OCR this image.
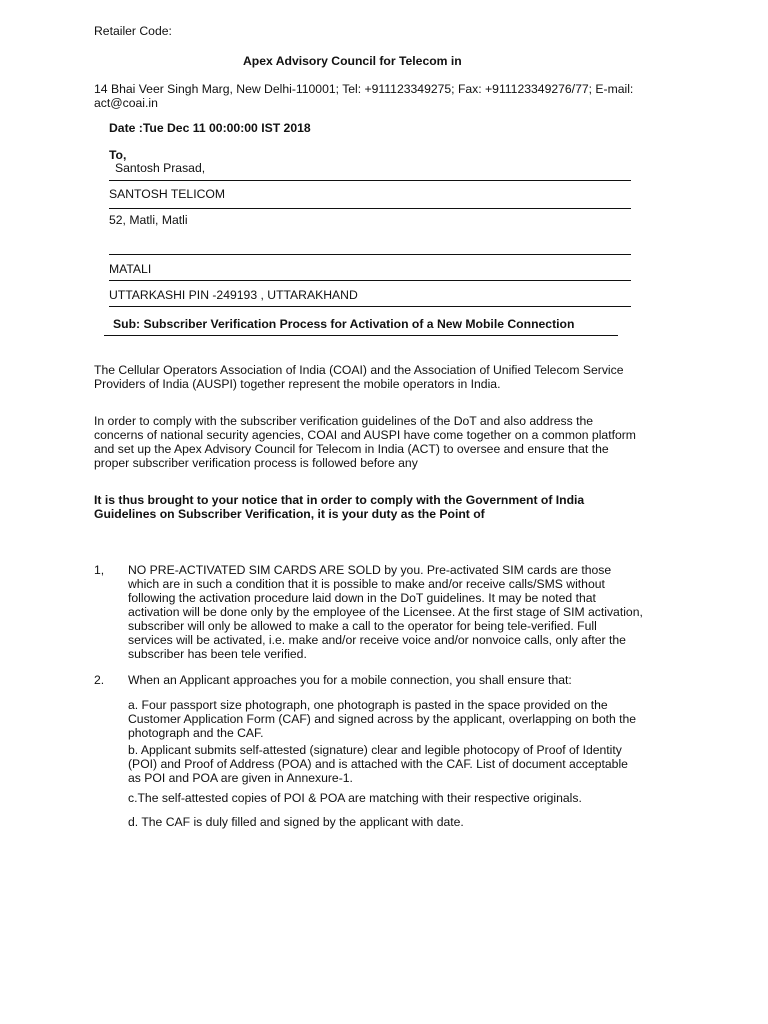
Retailer Code:
Apex Advisory Council for Telecom in
14 Bhai Veer Singh Marg, New Delhi-110001; Tel: +911123349275; Fax: +911123349276/77; E-mail:
act@coai.in
Date :Tue Dec 11 00:00:00 IST 2018
To,
Santosh Prasad,
SANTOSH TELICOM
52, Matli, Matli
MATALI
UTTARKASHI PIN -249193 , UTTARAKHAND
Sub: Subscriber Verification Process for Activation of a New Mobile Connection
The Cellular Operators Association of India (COAI) and the Association of Unified Telecom Service
Providers of India (AUSPI) together represent the mobile operators in India.
In order to comply with the subscriber verification guidelines of the DoT and also address the
concerns of national security agencies, COAI and AUSPI have come together on a common platform
and set up the Apex Advisory Council for Telecom in India (ACT) to oversee and ensure that the
proper subscriber verification process is followed before any
It is thus brought to your notice that in order to comply with the Government of India
Guidelines on Subscriber Verification, it is your duty as the Point of
1, NO PRE-ACTIVATED SIM CARDS ARE SOLD by you. Pre-activated SIM cards are those
which are in such a condition that it is possible to make and/or receive calls/SMS without
following the activation procedure laid down in the DoT guidelines. It may be noted that
activation will be done only by the employee of the Licensee. At the first stage of SIM activation,
subscriber will only be allowed to make a call to the operator for being tele-verified. Full
services will be activated, i.e. make and/or receive voice and/or nonvoice calls, only after the
subscriber has been tele verified.
2. When an Applicant approaches you for a mobile connection, you shall ensure that:
a. Four passport size photograph, one photograph is pasted in the space provided on the
Customer Application Form (CAF) and signed across by the applicant, overlapping on both the
photograph and the CAF.
b. Applicant submits self-attested (signature) clear and legible photocopy of Proof of Identity
(POI) and Proof of Address (POA) and is attached with the CAF. List of document acceptable
as POI and POA are given in Annexure-1.
c.The self-attested copies of POI & POA are matching with their respective originals.
d. The CAF is duly filled and signed by the applicant with date.
